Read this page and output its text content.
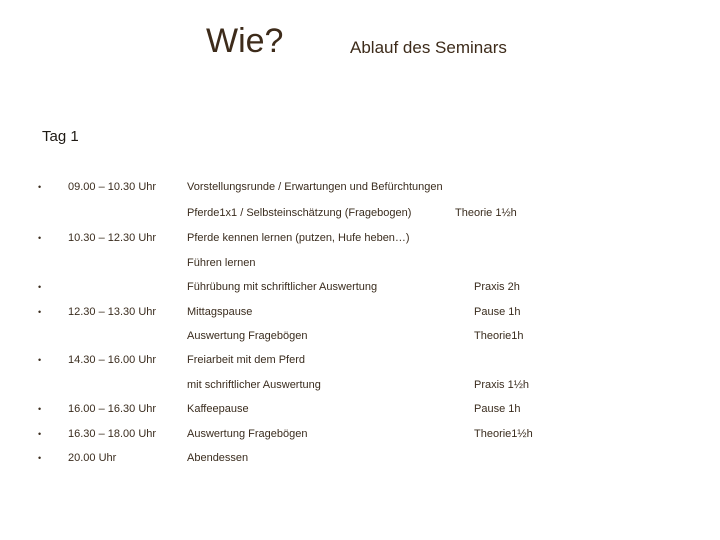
Wie?	Ablauf des Seminars
Tag 1
• 09.00 – 10.30 Uhr	Vorstellungsrunde / Erwartungen und Befürchtungen
Pferde1x1 / Selbsteinschätzung (Fragebogen)	Theorie 1½h
• 10.30 – 12.30 Uhr	Pferde kennen lernen (putzen, Hufe heben…)
Führen lernen
•	Führübung mit schriftlicher Auswertung	Praxis 2h
• 12.30 – 13.30 Uhr	Mittagspause	Pause 1h
Auswertung Fragebögen	Theorie1h
• 14.30 – 16.00 Uhr	Freiarbeit mit dem Pferd
mit schriftlicher Auswertung	Praxis 1½h
• 16.00 – 16.30 Uhr	Kaffeepause	Pause 1h
• 16.30 – 18.00 Uhr	Auswertung Fragebögen	Theorie1½h
• 20.00 Uhr	Abendessen
